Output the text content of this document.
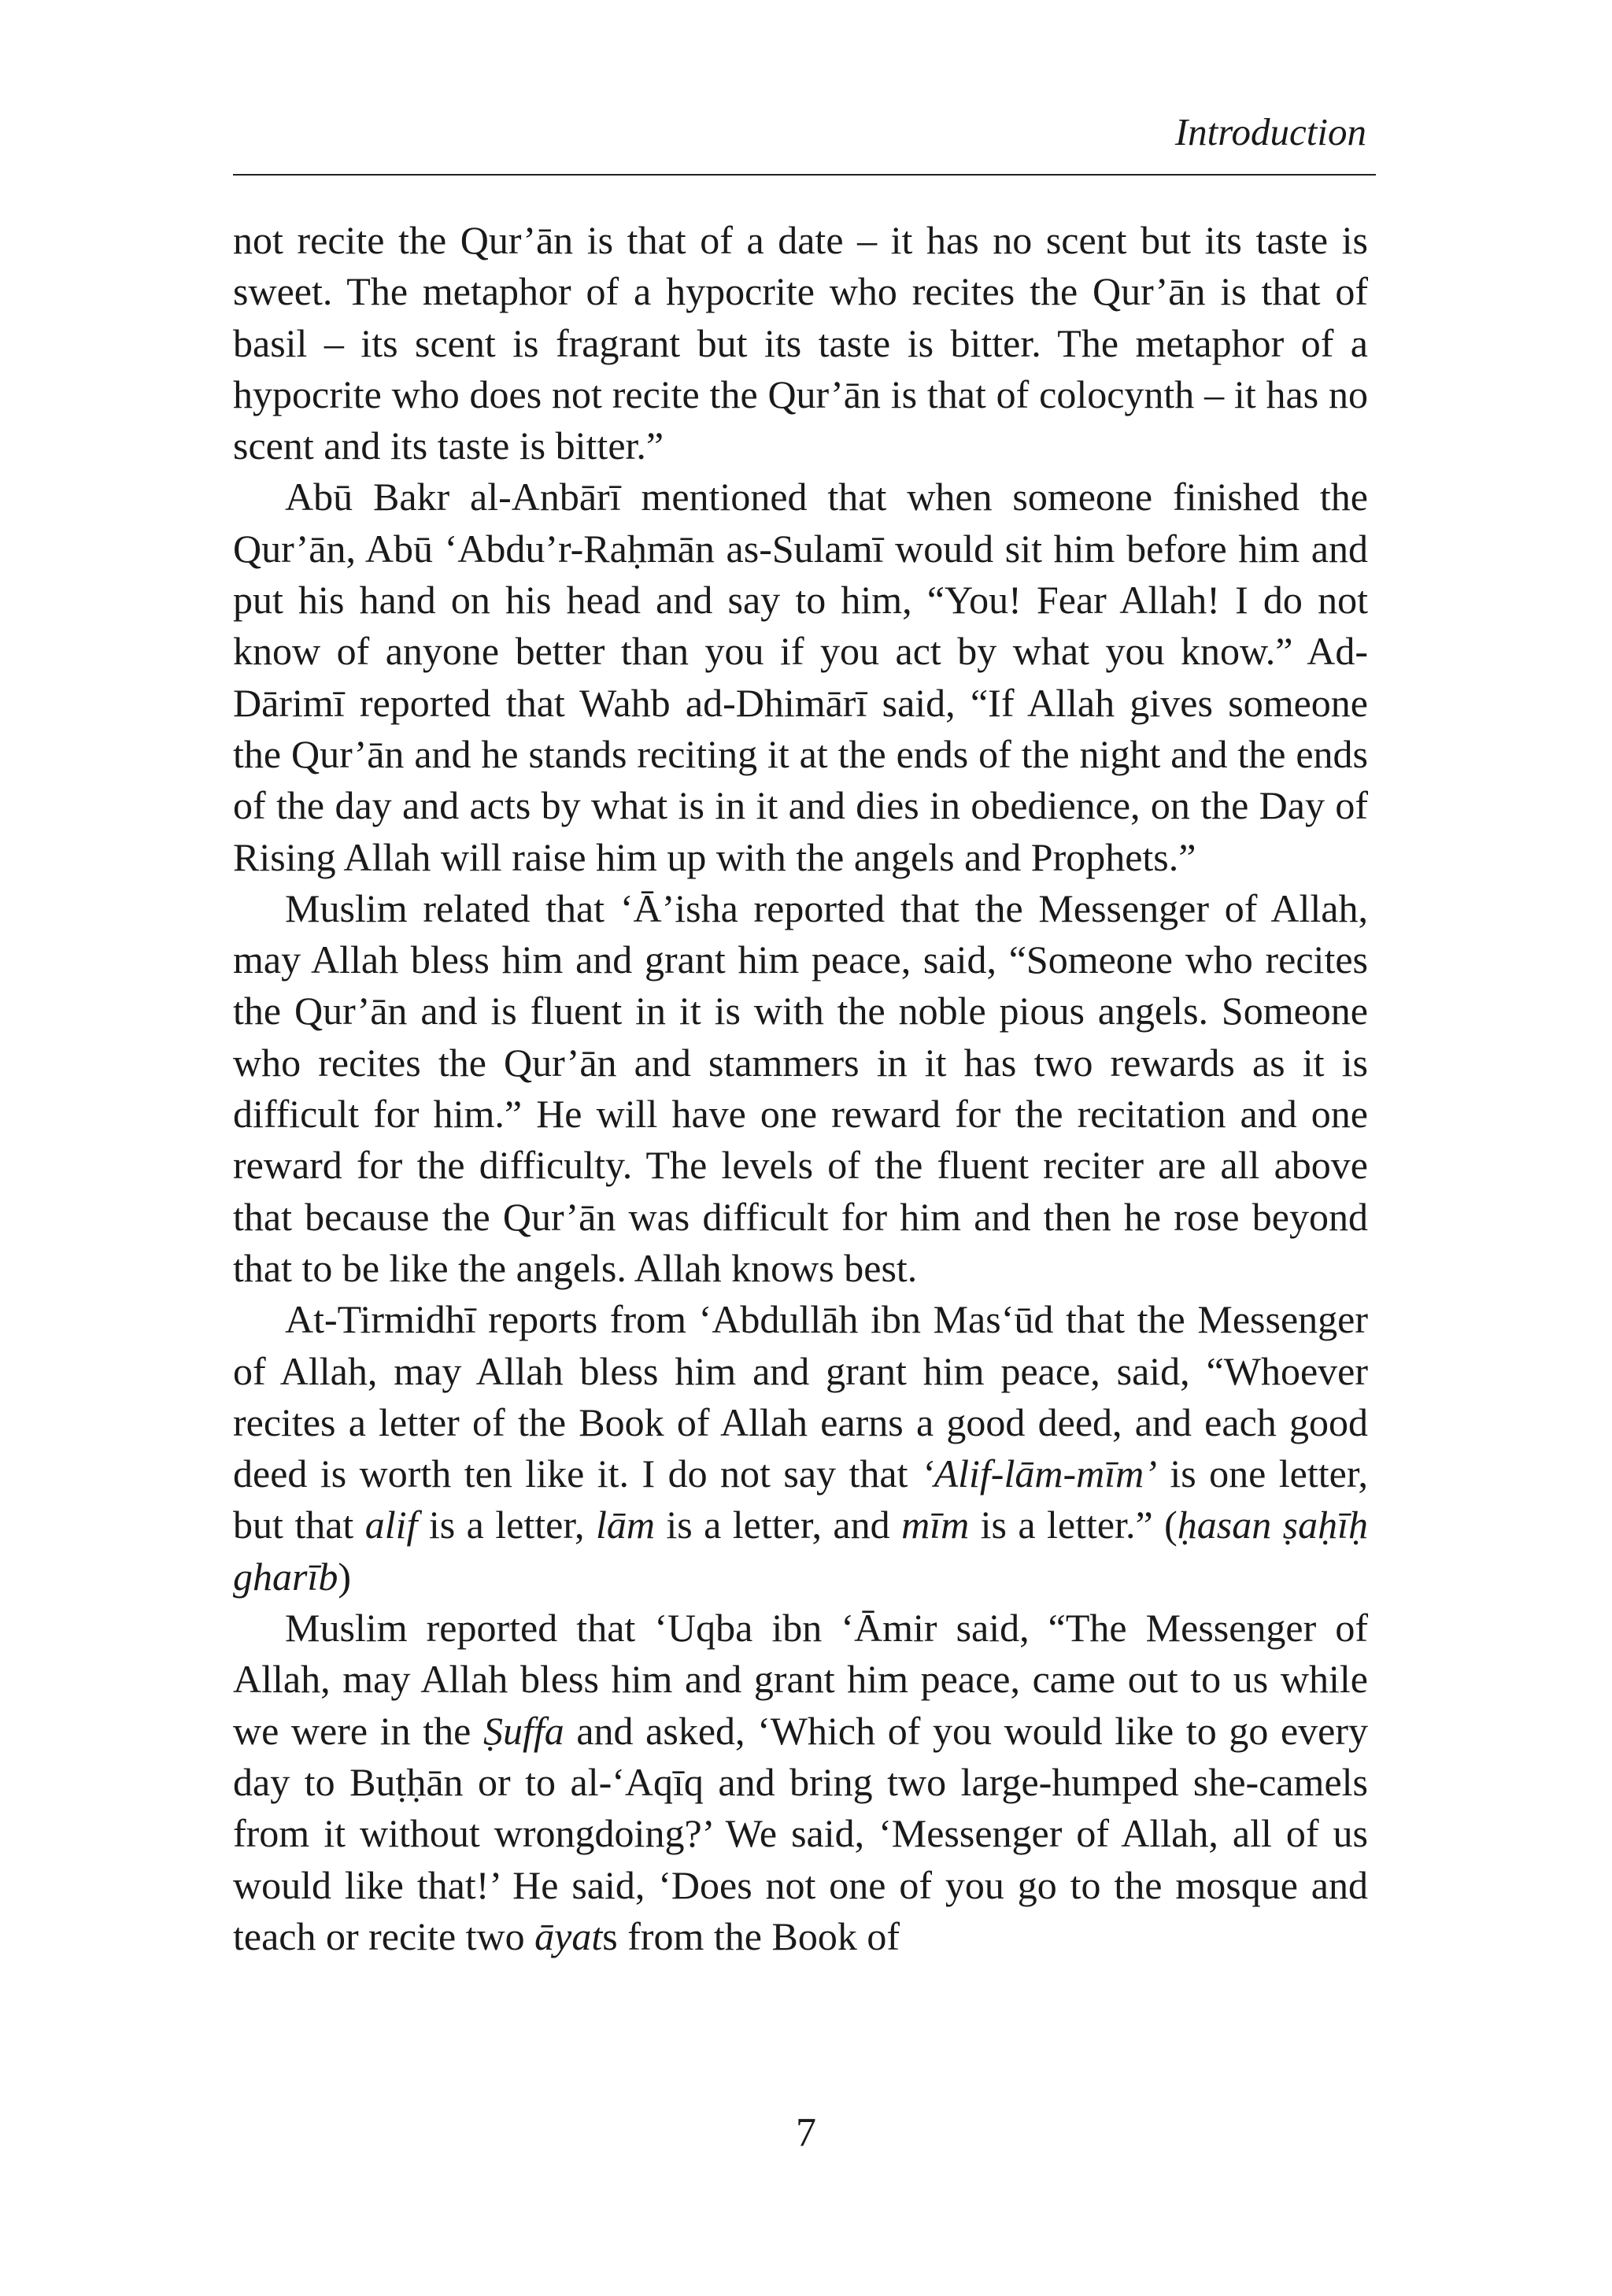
Introduction

not recite the Qur’ān is that of a date – it has no scent but its taste is sweet. The metaphor of a hypocrite who recites the Qur’ān is that of basil – its scent is fragrant but its taste is bitter. The metaphor of a hypocrite who does not recite the Qur’ān is that of colocynth – it has no scent and its taste is bitter.”

Abū Bakr al-Anbārī mentioned that when someone finished the Qur’ān, Abū ‘Abdu’r-Raḥmān as-Sulamī would sit him before him and put his hand on his head and say to him, “You! Fear Allah! I do not know of anyone better than you if you act by what you know.” Ad-Dārimī reported that Wahb ad-Dhimārī said, “If Allah gives someone the Qur’ān and he stands reciting it at the ends of the night and the ends of the day and acts by what is in it and dies in obedience, on the Day of Rising Allah will raise him up with the angels and Prophets.”

Muslim related that ‘Ā’isha reported that the Messenger of Allah, may Allah bless him and grant him peace, said, “Someone who recites the Qur’ān and is fluent in it is with the noble pious angels. Someone who recites the Qur’ān and stammers in it has two rewards as it is difficult for him.” He will have one reward for the recitation and one reward for the difficulty. The levels of the fluent reciter are all above that because the Qur’ān was difficult for him and then he rose beyond that to be like the angels. Allah knows best.

At-Tirmidhī reports from ‘Abdullāh ibn Mas‘ūd that the Messenger of Allah, may Allah bless him and grant him peace, said, “Whoever recites a letter of the Book of Allah earns a good deed, and each good deed is worth ten like it. I do not say that ‘Alif-lām-mīm’ is one letter, but that alif is a letter, lām is a letter, and mīm is a letter.” (ḥasan ṣaḥīḥ gharīb)

Muslim reported that ‘Uqba ibn ‘Āmir said, “The Messenger of Allah, may Allah bless him and grant him peace, came out to us while we were in the Ṣuffa and asked, ‘Which of you would like to go every day to Buṭḥān or to al-‘Aqīq and bring two large-humped she-camels from it without wrongdoing?’ We said, ‘Messenger of Allah, all of us would like that!’ He said, ‘Does not one of you go to the mosque and teach or recite two āyats from the Book of

7
